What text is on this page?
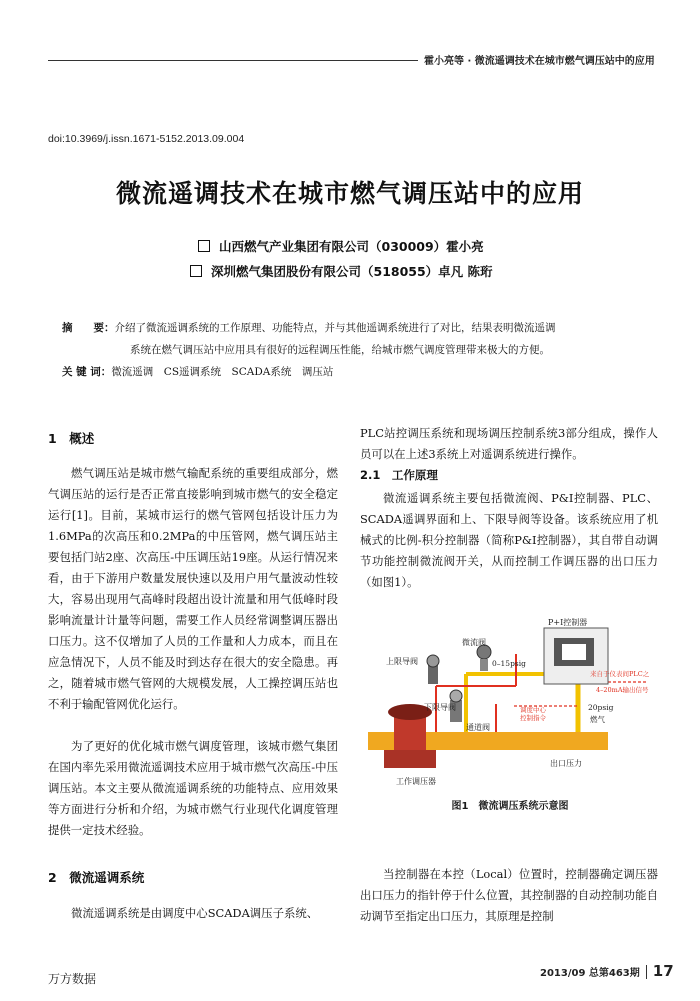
霍小亮等 · 微流遥调技术在城市燃气调压站中的应用
doi:10.3969/j.issn.1671-5152.2013.09.004
微流遥调技术在城市燃气调压站中的应用
山西燃气产业集团有限公司（030009）霍小亮
深圳燃气集团股份有限公司（518055）卓凡 陈珩
摘　　要：介绍了微流遥调系统的工作原理、功能特点，并与其他遥调系统进行了对比，结果表明微流遥调
系统在燃气调压站中应用具有很好的远程调压性能，给城市燃气调度管理带来极大的方便。
关 键 词：微流遥调　CS遥调系统　SCADA系统　调压站
1　概述
燃气调压站是城市燃气输配系统的重要组成部分，燃气调压站的运行是否正常直接影响到城市燃气的安全稳定运行[1]。目前，某城市运行的燃气管网包括设计压力为1.6MPa的次高压和0.2MPa的中压管网，燃气调压站主要包括门站2座、次高压-中压调压站19座。从运行情况来看，由于下游用户数量发展快速以及用户用气量波动性较大，容易出现用气高峰时段超出设计流量和用气低峰时段影响流量计计量等问题，需要工作人员经常调整调压器出口压力。这不仅增加了人员的工作量和人力成本，而且在应急情况下，人员不能及时到达存在很大的安全隐患。再之，随着城市燃气管网的大规模发展，人工操控调压站也不利于输配管网优化运行。
为了更好的优化城市燃气调度管理，该城市燃气集团在国内率先采用微流遥调技术应用于城市燃气次高压-中压调压站。本文主要从微流遥调系统的功能特点、应用效果等方面进行分析和介绍，为城市燃气行业现代化调度管理提供一定技术经验。
2　微流遥调系统
微流遥调系统是由调度中心SCADA调压子系统、
PLC站控调压系统和现场调压控制系统3部分组成，操作人员可以在上述3系统上对遥调系统进行操作。
2.1　工作原理
微流遥调系统主要包括微流阀、P&I控制器、PLC、SCADA遥调界面和上、下限导阀等设备。该系统应用了机械式的比例-积分控制器（简称P&I控制器），其自带自动调节功能控制微流阀开关，从而控制工作调压器的出口压力（如图1）。
P+I控制器
微流阀
上限导阀	0–15psig
来自于仪表间PLC之
4–20mA输出信号
下限导阀	调度中心
控制指令
20psig
燃气
通道阀
出口压力
工作调压器
图1　微流调压系统示意图
当控制器在本控（Local）位置时，控制器确定调压器出口压力的指针停于什么位置，其控制器的自动控制功能自动调节至指定出口压力，其原理是控制
万方数据	2013/09 总第463期 17
